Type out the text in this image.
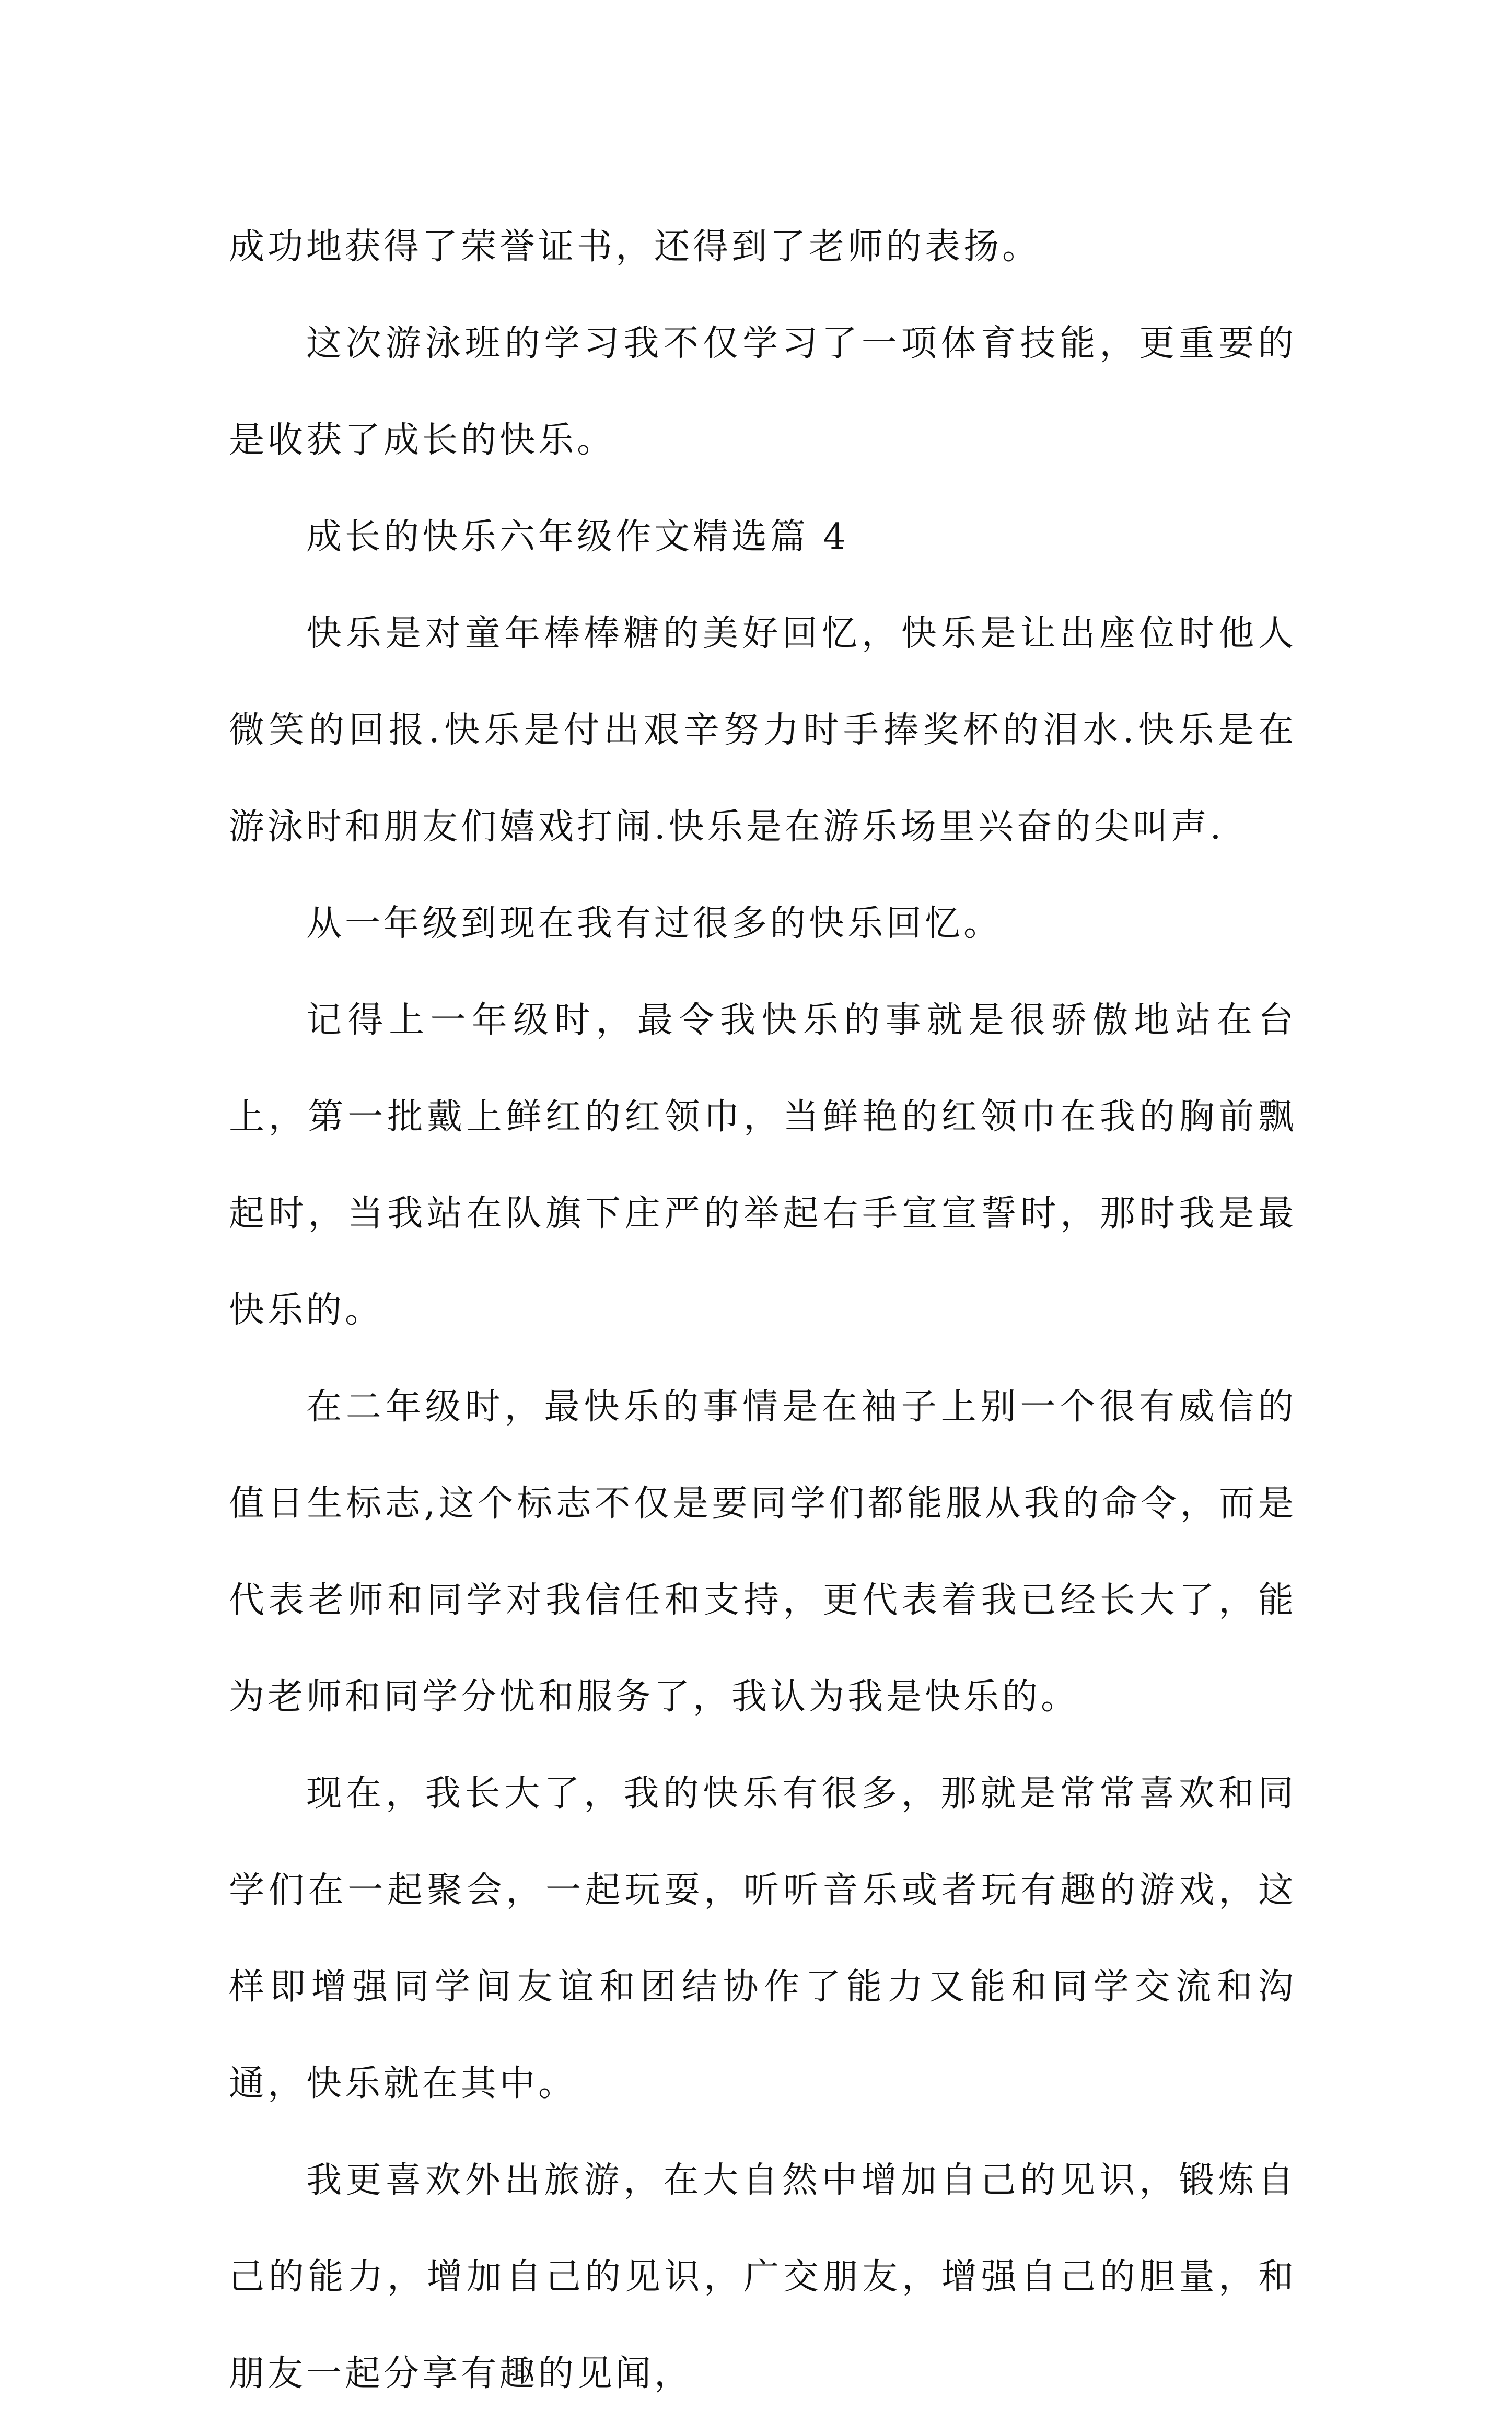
成功地获得了荣誉证书，还得到了老师的表扬。

这次游泳班的学习我不仅学习了一项体育技能，更重要的是收获了成长的快乐。

成长的快乐六年级作文精选篇 4

快乐是对童年棒棒糖的美好回忆，快乐是让出座位时他人微笑的回报.快乐是付出艰辛努力时手捧奖杯的泪水.快乐是在游泳时和朋友们嬉戏打闹.快乐是在游乐场里兴奋的尖叫声.

从一年级到现在我有过很多的快乐回忆。

记得上一年级时，最令我快乐的事就是很骄傲地站在台上，第一批戴上鲜红的红领巾，当鲜艳的红领巾在我的胸前飘起时，当我站在队旗下庄严的举起右手宣宣誓时，那时我是最快乐的。

在二年级时，最快乐的事情是在袖子上别一个很有威信的值日生标志,这个标志不仅是要同学们都能服从我的命令，而是代表老师和同学对我信任和支持，更代表着我已经长大了，能为老师和同学分忧和服务了，我认为我是快乐的。

现在，我长大了，我的快乐有很多，那就是常常喜欢和同学们在一起聚会，一起玩耍，听听音乐或者玩有趣的游戏，这样即增强同学间友谊和团结协作了能力又能和同学交流和沟通，快乐就在其中。

我更喜欢外出旅游，在大自然中增加自己的见识，锻炼自己的能力，增加自己的见识，广交朋友，增强自己的胆量，和朋友一起分享有趣的见闻，
